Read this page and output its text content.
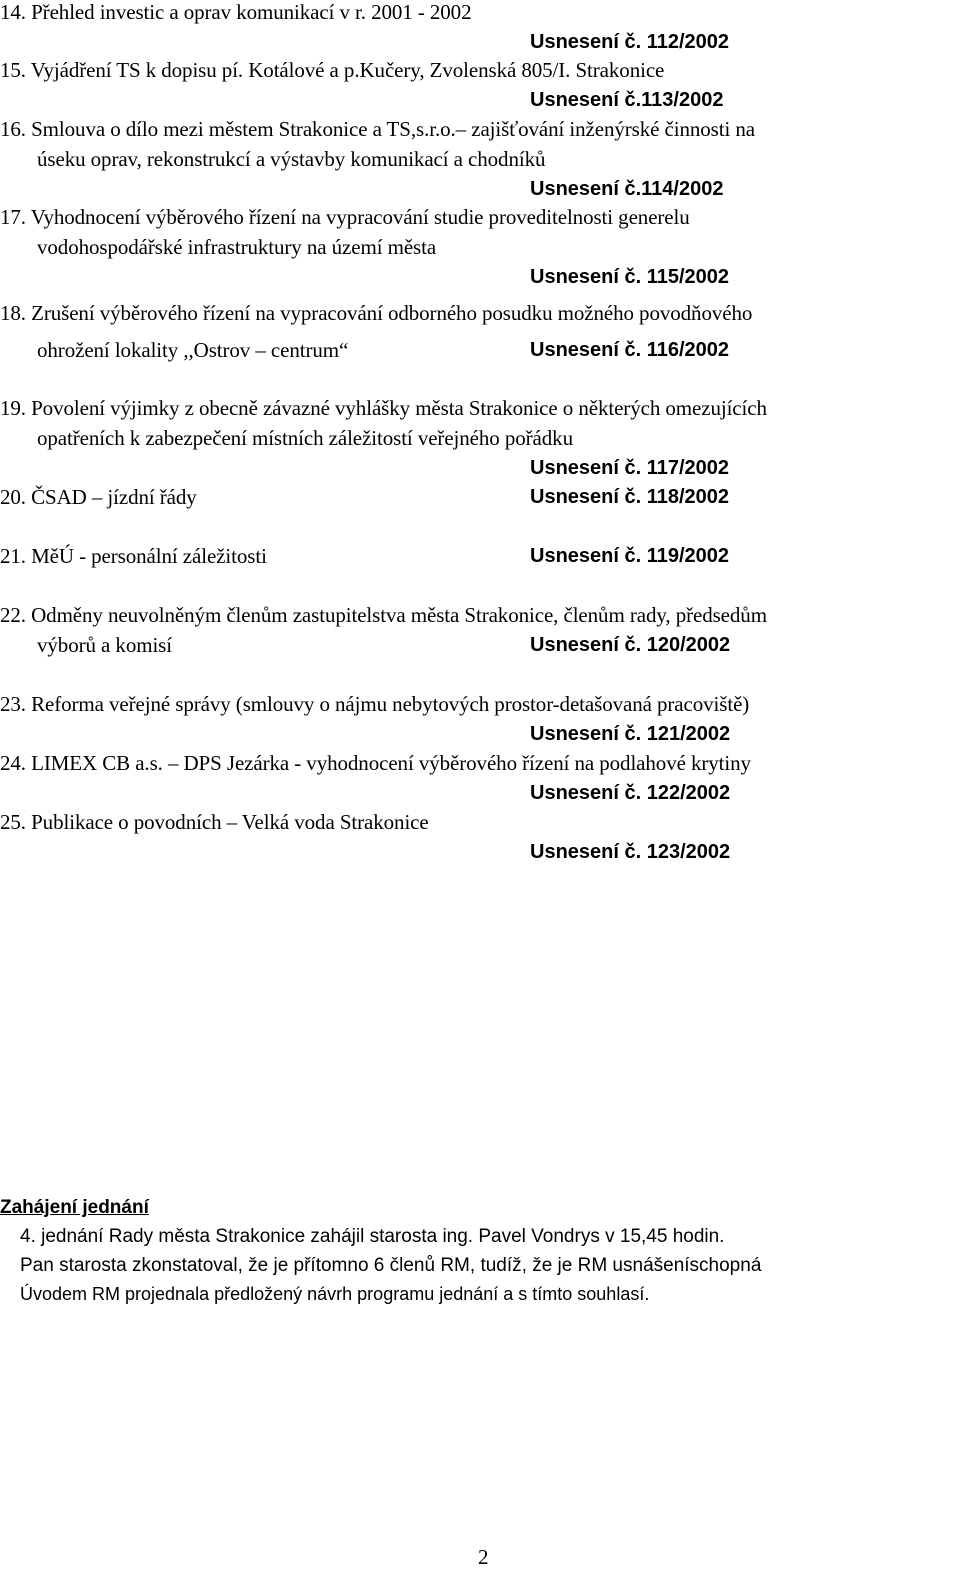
14. Přehled investic a oprav komunikací v r. 2001 - 2002
Usnesení č. 112/2002
15. Vyjádření TS k dopisu pí. Kotálové a p.Kučery, Zvolenská 805/I. Strakonice
Usnesení č.113/2002
16. Smlouva o dílo mezi městem Strakonice a TS,s.r.o.– zajišťování inženýrské činnosti na
úseku oprav, rekonstrukcí a výstavby komunikací a chodníků
Usnesení č.114/2002
17. Vyhodnocení výběrového řízení na vypracování studie proveditelnosti generelu
vodohospodářské infrastruktury na území města
Usnesení č. 115/2002
18. Zrušení výběrového řízení na vypracování odborného posudku možného povodňového
ohrožení lokality ,,Ostrov – centrum“	Usnesení č. 116/2002
19. Povolení výjimky z obecně závazné vyhlášky města Strakonice o některých omezujících
opatřeních k zabezpečení místních záležitostí veřejného pořádku
Usnesení č. 117/2002
20. ČSAD – jízdní řády	Usnesení č. 118/2002
21. MěÚ - personální záležitosti	Usnesení č. 119/2002
22. Odměny neuvolněným členům zastupitelstva města Strakonice, členům rady, předsedům
výborů a komisí	Usnesení č. 120/2002
23. Reforma veřejné správy (smlouvy o nájmu nebytových prostor-detašovaná pracoviště)
Usnesení č. 121/2002
24. LIMEX CB a.s. – DPS Jezárka - vyhodnocení výběrového řízení na podlahové krytiny
Usnesení č. 122/2002
25. Publikace o povodních – Velká voda Strakonice
Usnesení č. 123/2002
Zahájení jednání
4. jednání Rady města Strakonice zahájil starosta ing. Pavel Vondrys v 15,45 hodin.
Pan starosta zkonstatoval, že je přítomno 6 členů RM, tudíž, že je RM usnášeníschopná
Úvodem RM projednala předložený návrh programu jednání a s tímto souhlasí.
2
